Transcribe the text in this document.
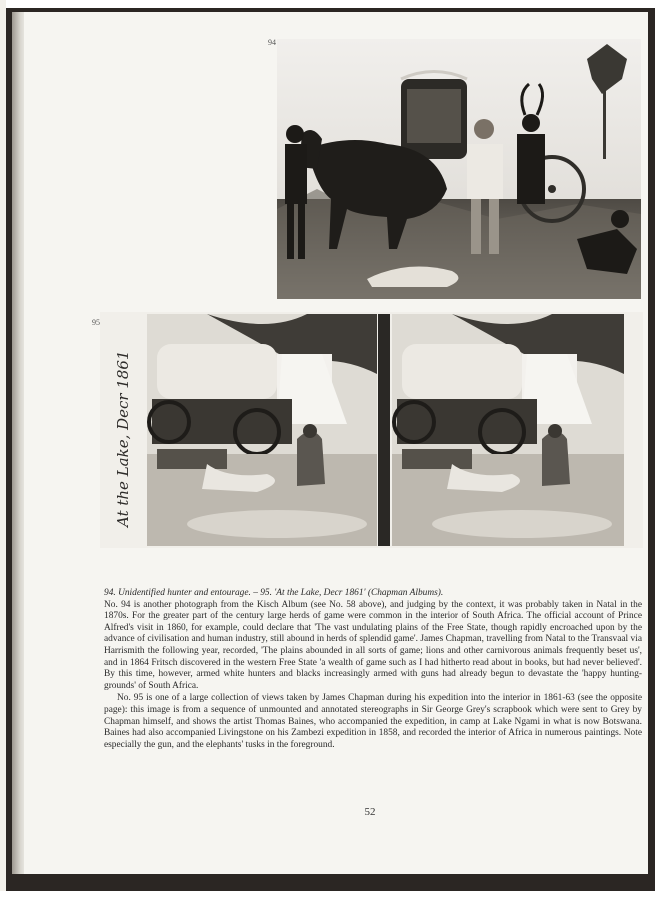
94
95
At the Lake, Decr 1861

94. Unidentified hunter and entourage. – 95. 'At the Lake, Decr 1861' (Chapman Albums).

No. 94 is another photograph from the Kisch Album (see No. 58 above), and judging by the context, it was probably taken in Natal in the 1870s. For the greater part of the century large herds of game were common in the interior of South Africa. The official account of Prince Alfred's visit in 1860, for example, could declare that 'The vast undulating plains of the Free State, though rapidly encroached upon by the advance of civilisation and human industry, still abound in herds of splendid game'. James Chapman, travelling from Natal to the Transvaal via Harrismith the following year, recorded, 'The plains abounded in all sorts of game; lions and other carnivorous animals frequently beset us', and in 1864 Fritsch discovered in the western Free State 'a wealth of game such as I had hitherto read about in books, but had never believed'. By this time, however, armed white hunters and blacks increasingly armed with guns had already begun to devastate the 'happy hunting-grounds' of South Africa.

No. 95 is one of a large collection of views taken by James Chapman during his expedition into the interior in 1861-63 (see the opposite page): this image is from a sequence of unmounted and annotated stereographs in Sir George Grey's scrapbook which were sent to Grey by Chapman himself, and shows the artist Thomas Baines, who accompanied the expedition, in camp at Lake Ngami in what is now Botswana. Baines had also accompanied Livingstone on his Zambezi expedition in 1858, and recorded the interior of Africa in numerous paintings. Note especially the gun, and the elephants' tusks in the foreground.

52
